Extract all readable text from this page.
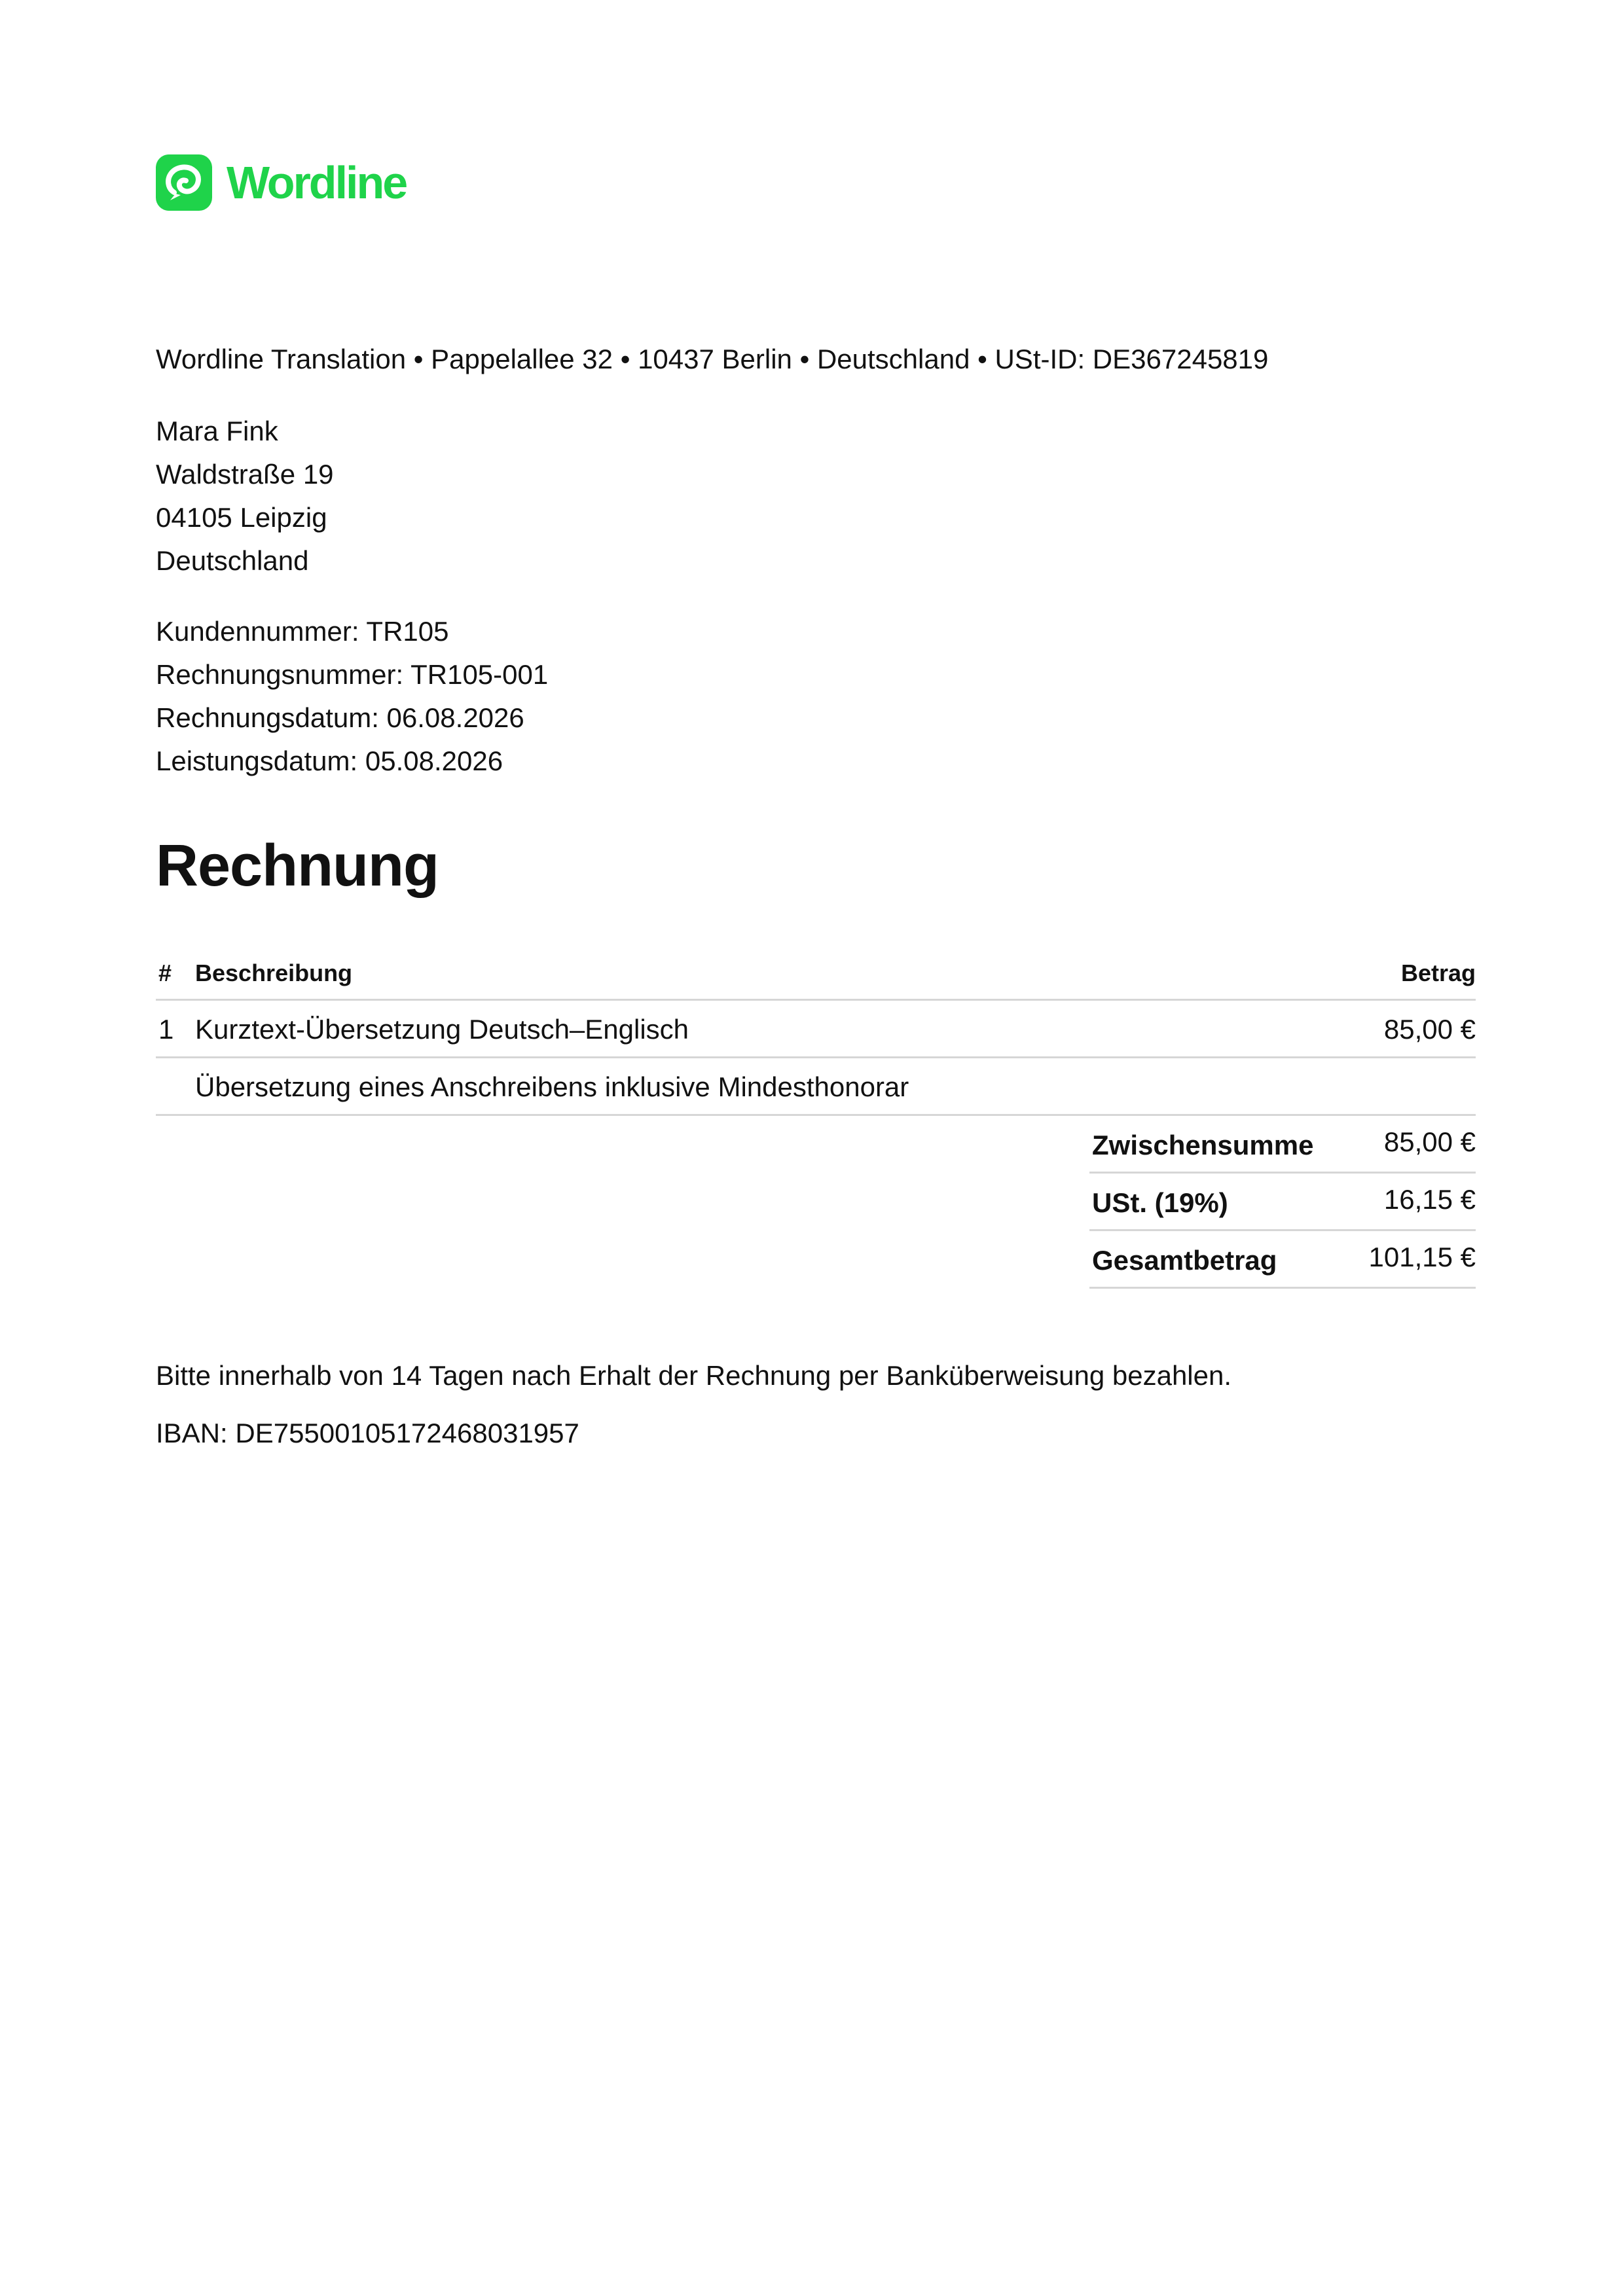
Wordline
Wordline Translation • Pappelallee 32 • 10437 Berlin • Deutschland • USt-ID: DE367245819
Mara Fink
Waldstraße 19
04105 Leipzig
Deutschland
Kundennummer: TR105
Rechnungsnummer: TR105-001
Rechnungsdatum: 06.08.2026
Leistungsdatum: 05.08.2026
Rechnung
# Beschreibung	Betrag
1 Kurztext-Übersetzung Deutsch–Englisch	85,00 €
Übersetzung eines Anschreibens inklusive Mindesthonorar
Zwischensumme	85,00 €
USt. (19%)	16,15 €
Gesamtbetrag	101,15 €
Bitte innerhalb von 14 Tagen nach Erhalt der Rechnung per Banküberweisung bezahlen.
IBAN: DE75500105172468031957
